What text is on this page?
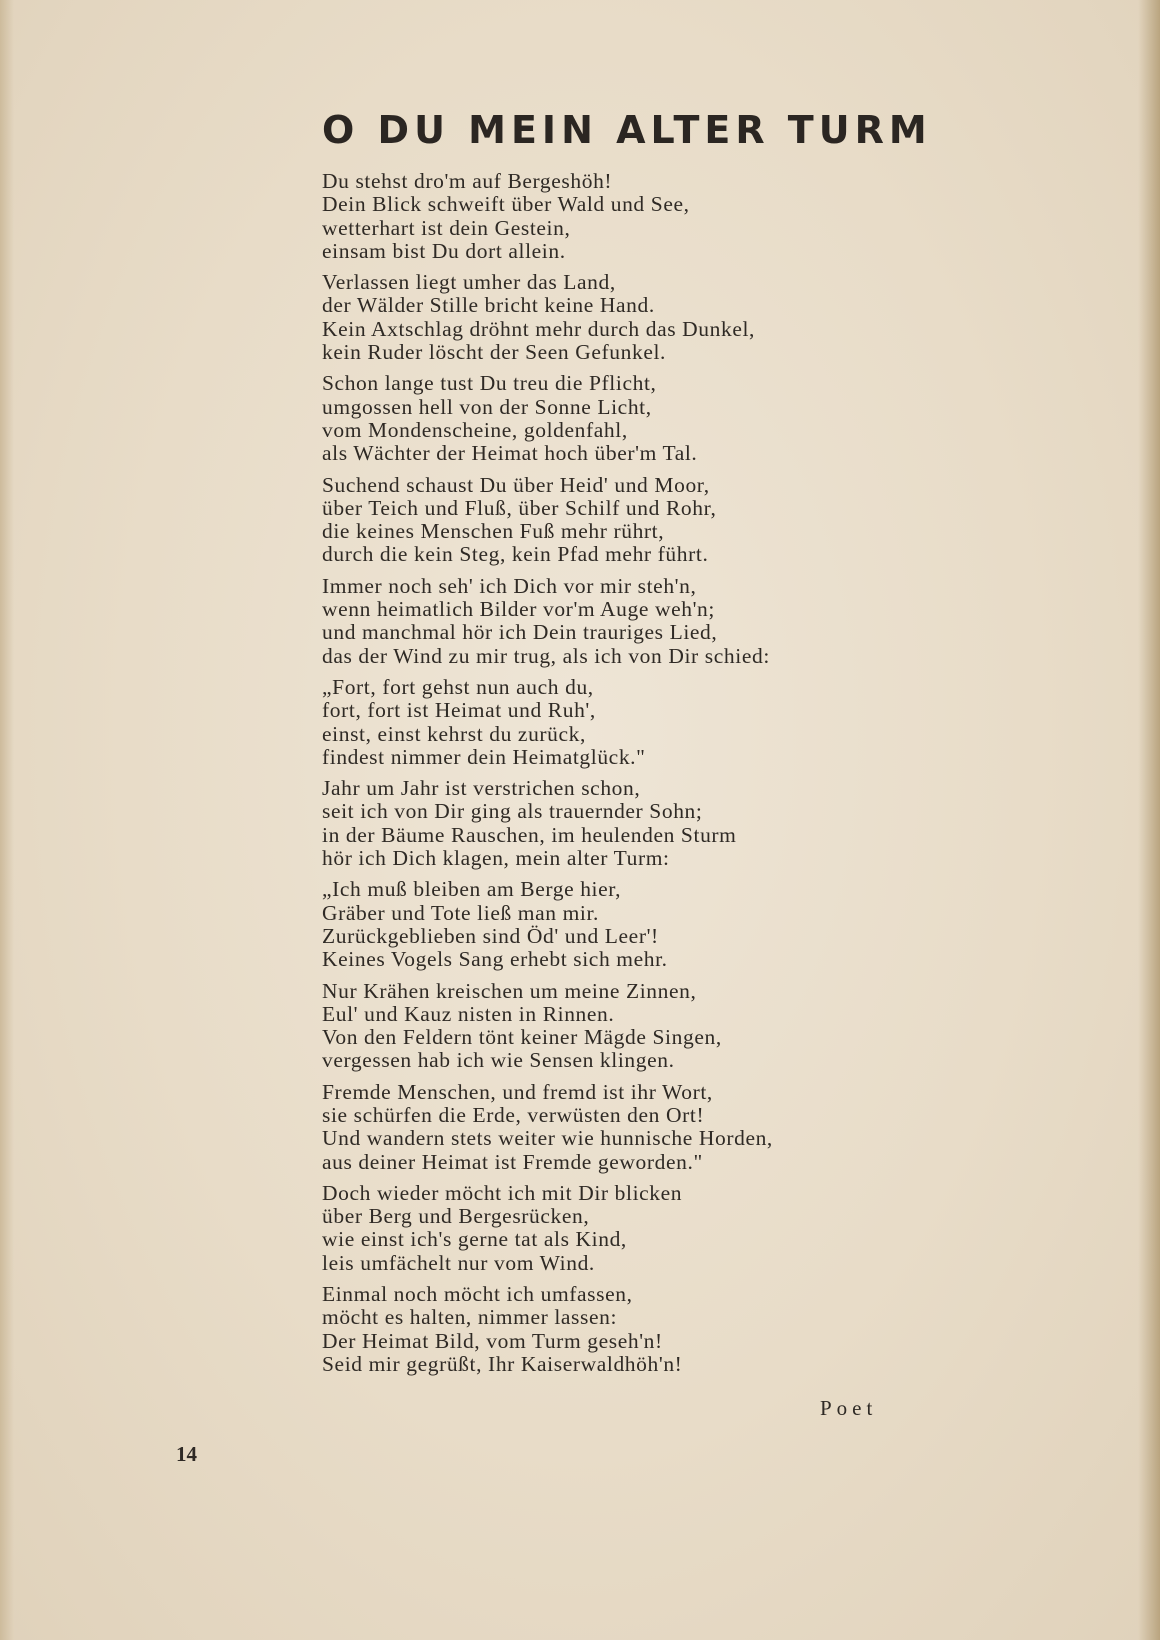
O DU MEIN ALTER TURM
Du stehst dro'm auf Bergeshöh!
Dein Blick schweift über Wald und See,
wetterhart ist dein Gestein,
einsam bist Du dort allein.
Verlassen liegt umher das Land,
der Wälder Stille bricht keine Hand.
Kein Axtschlag dröhnt mehr durch das Dunkel,
kein Ruder löscht der Seen Gefunkel.
Schon lange tust Du treu die Pflicht,
umgossen hell von der Sonne Licht,
vom Mondenscheine, goldenfahl,
als Wächter der Heimat hoch über'm Tal.
Suchend schaust Du über Heid' und Moor,
über Teich und Fluß, über Schilf und Rohr,
die keines Menschen Fuß mehr rührt,
durch die kein Steg, kein Pfad mehr führt.
Immer noch seh' ich Dich vor mir steh'n,
wenn heimatlich Bilder vor'm Auge weh'n;
und manchmal hör ich Dein trauriges Lied,
das der Wind zu mir trug, als ich von Dir schied:
„Fort, fort gehst nun auch du,
fort, fort ist Heimat und Ruh',
einst, einst kehrst du zurück,
findest nimmer dein Heimatglück."
Jahr um Jahr ist verstrichen schon,
seit ich von Dir ging als trauernder Sohn;
in der Bäume Rauschen, im heulenden Sturm
hör ich Dich klagen, mein alter Turm:
„Ich muß bleiben am Berge hier,
Gräber und Tote ließ man mir.
Zurückgeblieben sind Öd' und Leer'!
Keines Vogels Sang erhebt sich mehr.
Nur Krähen kreischen um meine Zinnen,
Eul' und Kauz nisten in Rinnen.
Von den Feldern tönt keiner Mägde Singen,
vergessen hab ich wie Sensen klingen.
Fremde Menschen, und fremd ist ihr Wort,
sie schürfen die Erde, verwüsten den Ort!
Und wandern stets weiter wie hunnische Horden,
aus deiner Heimat ist Fremde geworden."
Doch wieder möcht ich mit Dir blicken
über Berg und Bergesrücken,
wie einst ich's gerne tat als Kind,
leis umfächelt nur vom Wind.
Einmal noch möcht ich umfassen,
möcht es halten, nimmer lassen:
Der Heimat Bild, vom Turm geseh'n!
Seid mir gegrüßt, Ihr Kaiserwaldhöh'n!
Poet
14
